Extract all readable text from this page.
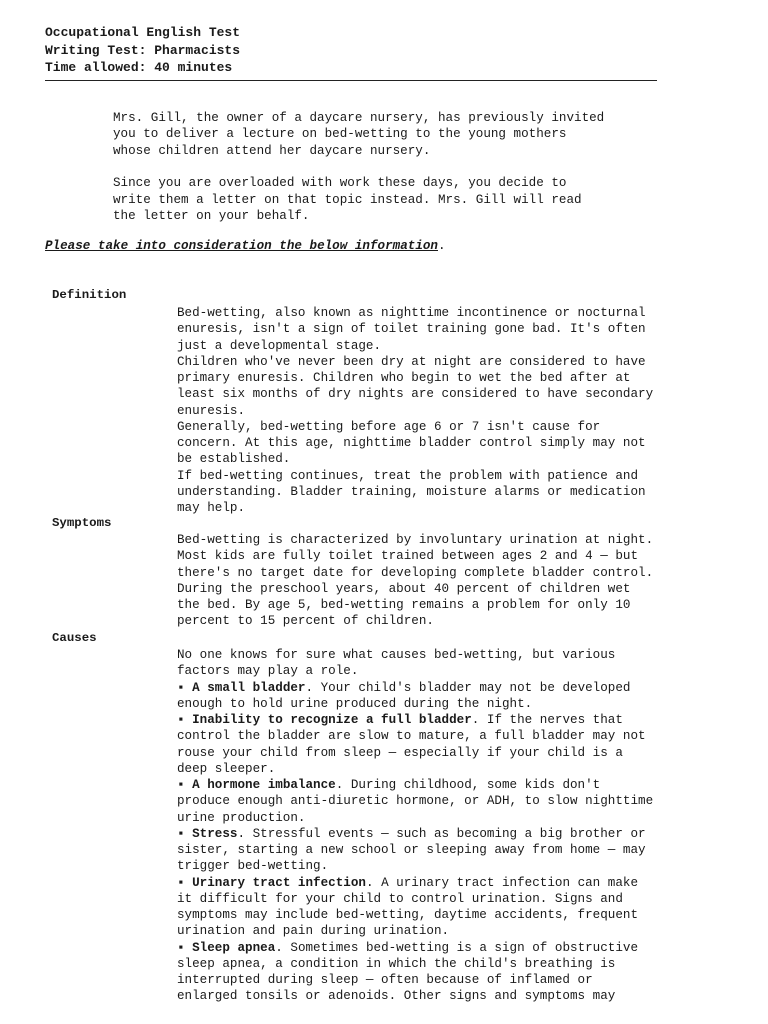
Occupational English Test
Writing Test: Pharmacists
Time allowed: 40 minutes

Mrs. Gill, the owner of a daycare nursery, has previously invited
you to deliver a lecture on bed-wetting to the young mothers
whose children attend her daycare nursery.

Since you are overloaded with work these days, you decide to
write them a letter on that topic instead. Mrs. Gill will read
the letter on your behalf.

Please take into consideration the below information.
Definition
Bed-wetting, also known as nighttime incontinence or nocturnal
enuresis, isn't a sign of toilet training gone bad. It's often
just a developmental stage.
Children who've never been dry at night are considered to have
primary enuresis. Children who begin to wet the bed after at
least six months of dry nights are considered to have secondary
enuresis.
Generally, bed-wetting before age 6 or 7 isn't cause for
concern. At this age, nighttime bladder control simply may not
be established.
If bed-wetting continues, treat the problem with patience and
understanding. Bladder training, moisture alarms or medication
may help.
Symptoms
Bed-wetting is characterized by involuntary urination at night.
Most kids are fully toilet trained between ages 2 and 4 — but
there's no target date for developing complete bladder control.
During the preschool years, about 40 percent of children wet
the bed. By age 5, bed-wetting remains a problem for only 10
percent to 15 percent of children.
Causes
No one knows for sure what causes bed-wetting, but various
factors may play a role.
▪ A small bladder. Your child's bladder may not be developed
enough to hold urine produced during the night.
▪ Inability to recognize a full bladder. If the nerves that
control the bladder are slow to mature, a full bladder may not
rouse your child from sleep — especially if your child is a
deep sleeper.
▪ A hormone imbalance. During childhood, some kids don't
produce enough anti-diuretic hormone, or ADH, to slow nighttime
urine production.
▪ Stress. Stressful events — such as becoming a big brother or
sister, starting a new school or sleeping away from home — may
trigger bed-wetting.
▪ Urinary tract infection. A urinary tract infection can make
it difficult for your child to control urination. Signs and
symptoms may include bed-wetting, daytime accidents, frequent
urination and pain during urination.
▪ Sleep apnea. Sometimes bed-wetting is a sign of obstructive
sleep apnea, a condition in which the child's breathing is
interrupted during sleep — often because of inflamed or
enlarged tonsils or adenoids. Other signs and symptoms may
